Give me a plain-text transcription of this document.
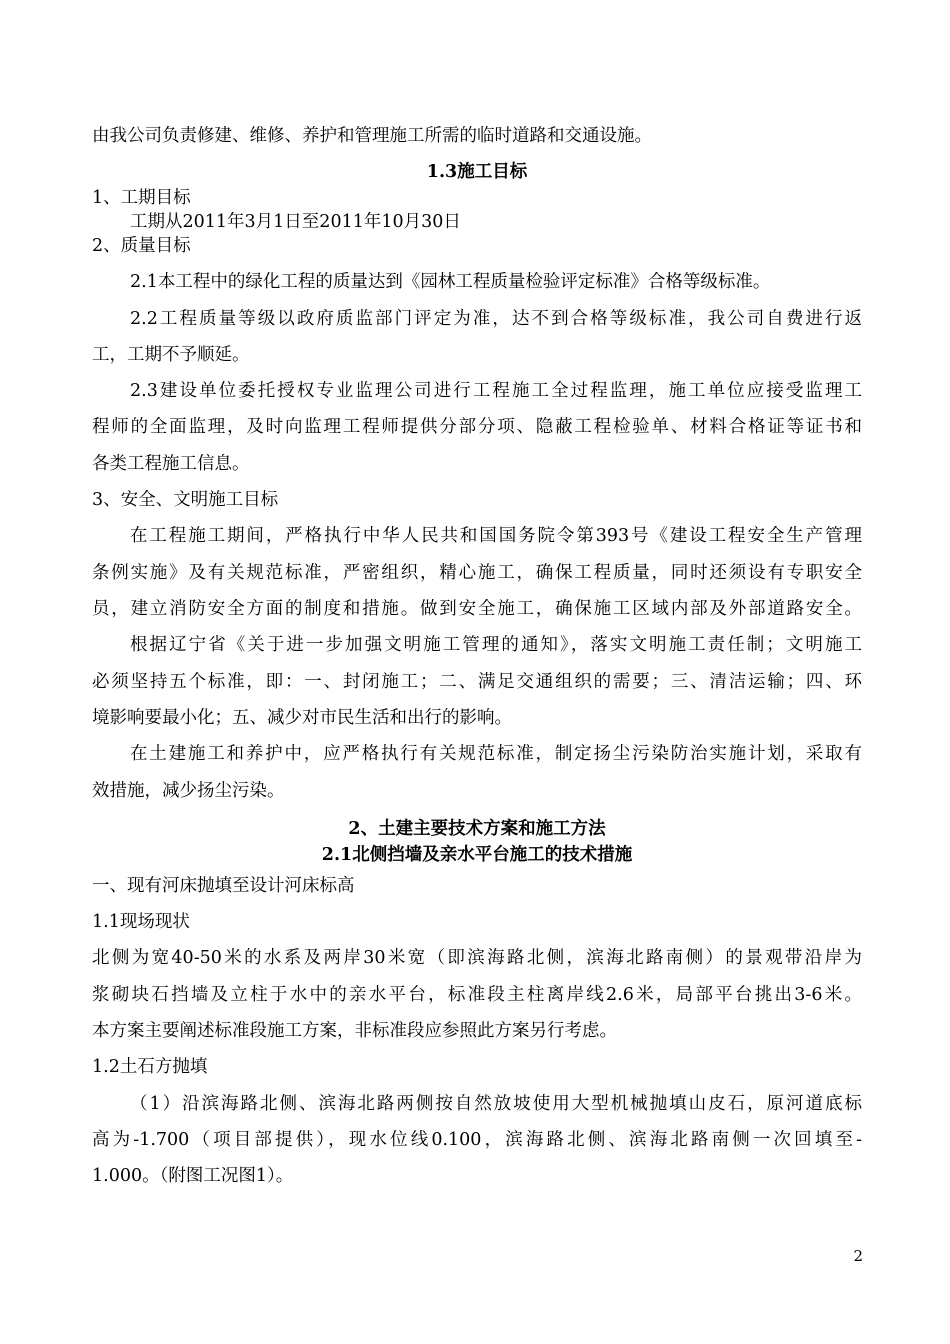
由我公司负责修建、维修、养护和管理施工所需的临时道路和交通设施。
1.3施工目标
1、工期目标
工期从2011年3月1日至2011年10月30日
2、质量目标
2.1本工程中的绿化工程的质量达到《园林工程质量检验评定标准》合格等级标准。
2.2工程质量等级以政府质监部门评定为准，达不到合格等级标准，我公司自费进行返
工，工期不予顺延。
2.3建设单位委托授权专业监理公司进行工程施工全过程监理，施工单位应接受监理工
程师的全面监理，及时向监理工程师提供分部分项、隐蔽工程检验单、材料合格证等证书和
各类工程施工信息。
3、安全、文明施工目标
在工程施工期间，严格执行中华人民共和国国务院令第393号《建设工程安全生产管理
条例实施》及有关规范标准，严密组织，精心施工，确保工程质量，同时还须设有专职安全
员，建立消防安全方面的制度和措施。做到安全施工，确保施工区域内部及外部道路安全。
根据辽宁省《关于进一步加强文明施工管理的通知》，落实文明施工责任制；文明施工
必须坚持五个标准，即：一、封闭施工；二、满足交通组织的需要；三、清洁运输；四、环
境影响要最小化；五、减少对市民生活和出行的影响。
在土建施工和养护中，应严格执行有关规范标准，制定扬尘污染防治实施计划，采取有
效措施，减少扬尘污染。
2、土建主要技术方案和施工方法
2.1北侧挡墙及亲水平台施工的技术措施
一、现有河床抛填至设计河床标高
1.1现场现状
北侧为宽40-50米的水系及两岸30米宽（即滨海路北侧，滨海北路南侧）的景观带沿岸为
浆砌块石挡墙及立柱于水中的亲水平台，标准段主柱离岸线2.6米，局部平台挑出3-6米。
本方案主要阐述标准段施工方案，非标准段应参照此方案另行考虑。
1.2土石方抛填
（1）沿滨海路北侧、滨海北路两侧按自然放坡使用大型机械抛填山皮石，原河道底标
高为-1.700（项目部提供），现水位线0.100，滨海路北侧、滨海北路南侧一次回填至-
1.000。（附图工况图1）。
2
